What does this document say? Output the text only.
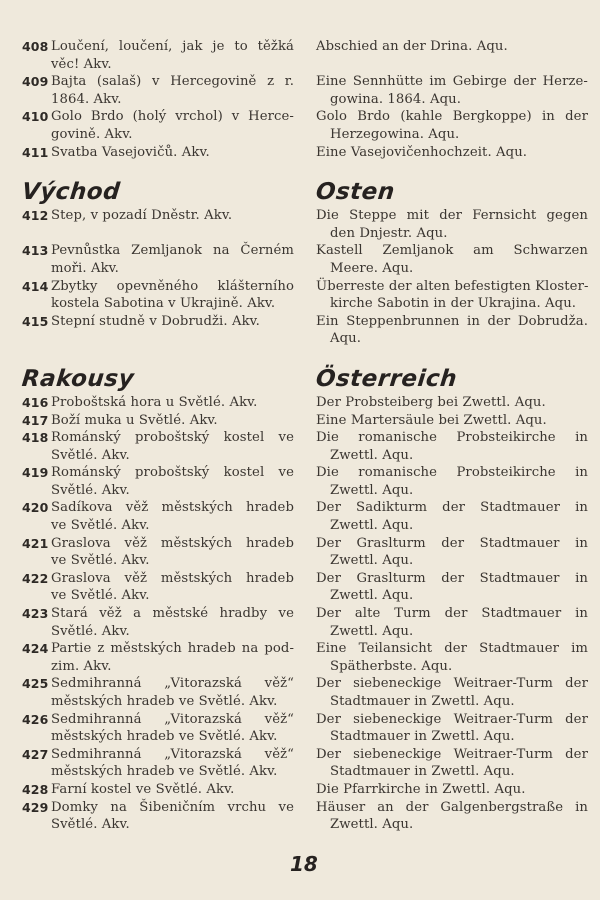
408 Loučení, loučení, jak je to těžká
věc! Akv.
409 Bajta (salaš) v Hercegovině z r.
1864. Akv.
410 Golo Brdo (holý vrchol) v Herce-
govině. Akv.
411 Svatba Vasejovičů. Akv.
Východ
412 Step, v pozadí Dněstr. Akv.
413 Pevnůstka Zemljanok na Černém
moři. Akv.
414 Zbytky opevněného klášterního
kostela Sabotina v Ukrajině. Akv.
415 Stepní studně v Dobrudži. Akv.
Rakousy
416 Proboštská hora u Světlé. Akv.
417 Boží muka u Světlé. Akv.
418 Románský proboštský kostel ve
Světlé. Akv.
419 Románský proboštský kostel ve
Světlé. Akv.
420 Sadíkova věž městských hradeb
ve Světlé. Akv.
421 Graslova věž městských hradeb
ve Světlé. Akv.
422 Graslova věž městských hradeb
ve Světlé. Akv.
423 Stará věž a městské hradby ve
Světlé. Akv.
424 Partie z městských hradeb na pod-
zim. Akv.
425 Sedmihranná „Vitorazská věž“
městských hradeb ve Světlé. Akv.
426 Sedmihranná „Vitorazská věž“
městských hradeb ve Světlé. Akv.
427 Sedmihranná „Vitorazská věž“
městských hradeb ve Světlé. Akv.
428 Farní kostel ve Světlé. Akv.
429 Domky na Šibeničním vrchu ve
Světlé. Akv.
Abschied an der Drina. Aqu.
Eine Sennhütte im Gebirge der Herze-
gowina. 1864. Aqu.
Golo Brdo (kahle Bergkoppe) in der
Herzegowina. Aqu.
Eine Vasejovičenhochzeit. Aqu.
Osten
Die Steppe mit der Fernsicht gegen
den Dnjestr. Aqu.
Kastell Zemljanok am Schwarzen
Meere. Aqu.
Überreste der alten befestigten Kloster-
kirche Sabotin in der Ukrajina. Aqu.
Ein Steppenbrunnen in der Dobrudža.
Aqu.
Österreich
Der Probsteiberg bei Zwettl. Aqu.
Eine Martersäule bei Zwettl. Aqu.
Die romanische Probsteikirche in
Zwettl. Aqu.
Die romanische Probsteikirche in
Zwettl. Aqu.
Der Sadikturm der Stadtmauer in
Zwettl. Aqu.
Der Graslturm der Stadtmauer in
Zwettl. Aqu.
Der Graslturm der Stadtmauer in
Zwettl. Aqu.
Der alte Turm der Stadtmauer in
Zwettl. Aqu.
Eine Teilansicht der Stadtmauer im
Spätherbste. Aqu.
Der siebeneckige Weitraer-Turm der
Stadtmauer in Zwettl. Aqu.
Der siebeneckige Weitraer-Turm der
Stadtmauer in Zwettl. Aqu.
Der siebeneckige Weitraer-Turm der
Stadtmauer in Zwettl. Aqu.
Die Pfarrkirche in Zwettl. Aqu.
Häuser an der Galgenbergstraße in
Zwettl. Aqu.
18
